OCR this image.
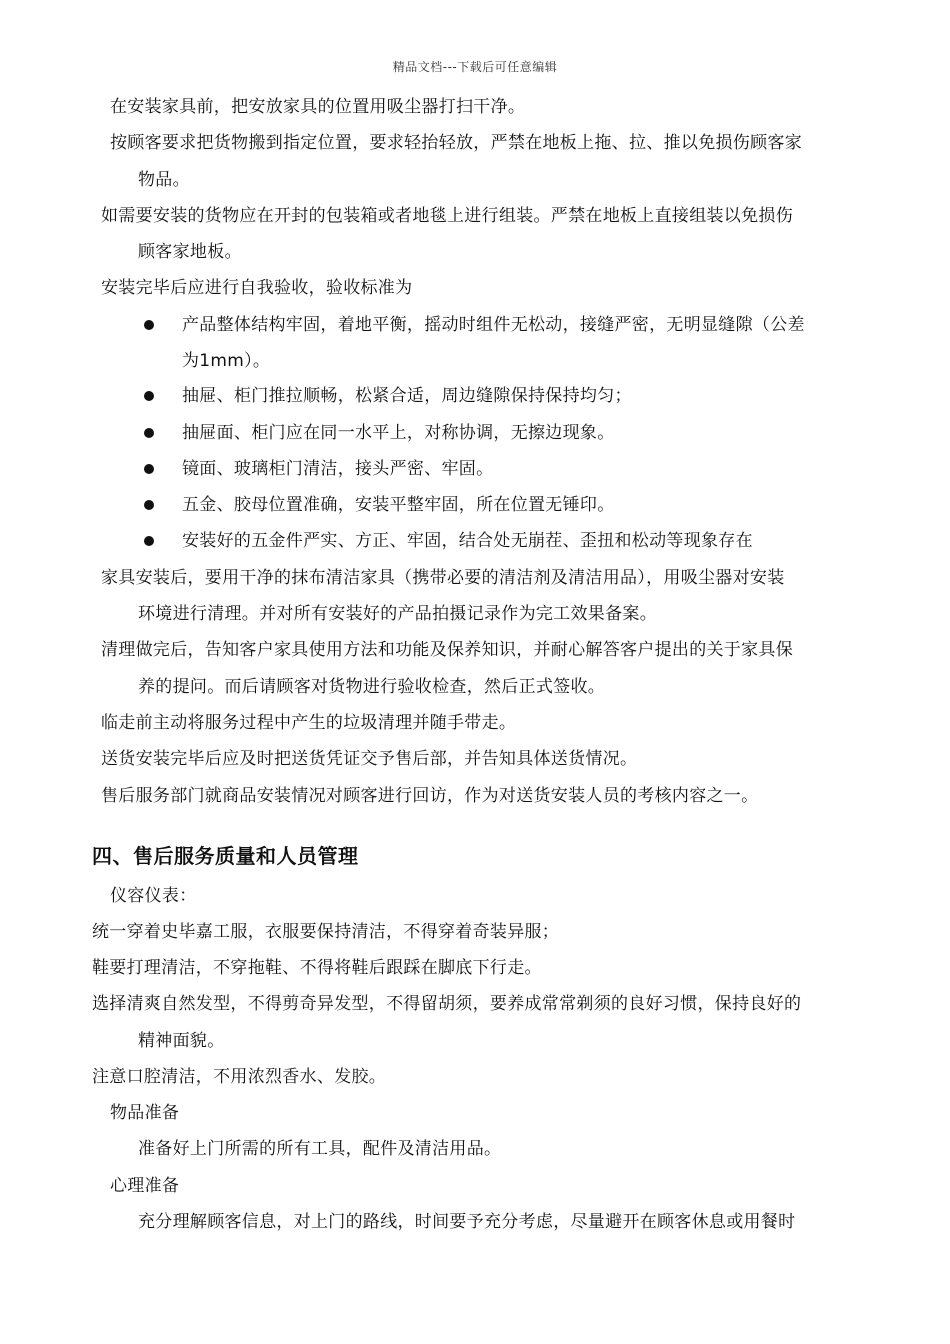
精品文档---下载后可任意编辑
在安装家具前，把安放家具的位置用吸尘器打扫干净。
按顾客要求把货物搬到指定位置，要求轻抬轻放，严禁在地板上拖、拉、推以免损伤顾客家
物品。
如需要安装的货物应在开封的包装箱或者地毯上进行组装。严禁在地板上直接组装以免损伤
顾客家地板。
安装完毕后应进行自我验收，验收标准为
产品整体结构牢固，着地平衡，摇动时组件无松动，接缝严密，无明显缝隙（公差
为1mm）。
抽屉、柜门推拉顺畅，松紧合适，周边缝隙保持保持均匀；
抽屉面、柜门应在同一水平上，对称协调，无擦边现象。
镜面、玻璃柜门清洁，接头严密、牢固。
五金、胶母位置准确，安装平整牢固，所在位置无锤印。
安装好的五金件严实、方正、牢固，结合处无崩茬、歪扭和松动等现象存在
家具安装后，要用干净的抹布清洁家具（携带必要的清洁剂及清洁用品），用吸尘器对安装
环境进行清理。并对所有安装好的产品拍摄记录作为完工效果备案。
清理做完后，告知客户家具使用方法和功能及保养知识，并耐心解答客户提出的关于家具保
养的提问。而后请顾客对货物进行验收检查，然后正式签收。
临走前主动将服务过程中产生的垃圾清理并随手带走。
送货安装完毕后应及时把送货凭证交予售后部，并告知具体送货情况。
售后服务部门就商品安装情况对顾客进行回访，作为对送货安装人员的考核内容之一。
四、售后服务质量和人员管理
仪容仪表：
统一穿着史毕嘉工服，衣服要保持清洁，不得穿着奇装异服；
鞋要打理清洁，不穿拖鞋、不得将鞋后跟踩在脚底下行走。
选择清爽自然发型，不得剪奇异发型，不得留胡须，要养成常常剃须的良好习惯，保持良好的
精神面貌。
注意口腔清洁，不用浓烈香水、发胶。
物品准备
准备好上门所需的所有工具，配件及清洁用品。
心理准备
充分理解顾客信息，对上门的路线，时间要予充分考虑，尽量避开在顾客休息或用餐时
